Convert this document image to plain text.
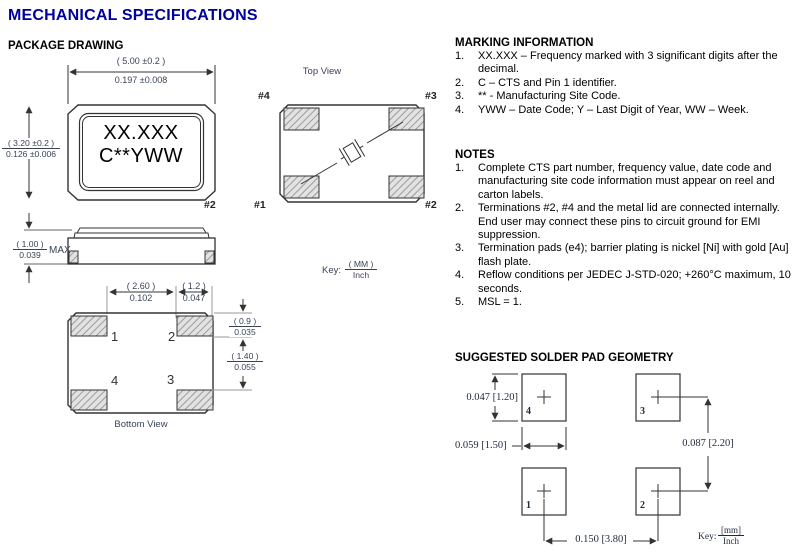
MECHANICAL SPECIFICATIONS
PACKAGE DRAWING
( 5.00 ±0.2 )
0.197 ±0.008
$\frac{( 3.20 \pm 0.2 )}{0.126 \pm 0.006}$
XX.XXX
C**YWW
#2
Top View
#4	#3
#1	#2
$\frac{( 1.00 )}{0.039}$ MAX
( 2.60 )
0.102
( 1.2 )
0.047
$\frac{( 0.9 )}{0.035}$
$\frac{( 1.40 )}{0.055}$
1	2
4	3
Bottom View
Key:
( MM )
Inch
MARKING INFORMATION
1.	XX.XXX – Frequency marked with 3 significant digits after the decimal.
2.	C – CTS and Pin 1 identifier.
3.	** - Manufacturing Site Code.
4.	YWW – Date Code; Y – Last Digit of Year, WW – Week.
NOTES
1.	Complete CTS part number, frequency value, date code and manufacturing site code information must appear on reel and carton labels.
2.	Terminations #2, #4 and the metal lid are connected internally.  End user may connect these pins to circuit ground for EMI suppression.
3.	Termination pads (e4); barrier plating is nickel [Ni] with gold [Au] flash plate.
4.	Reflow conditions per JEDEC J-STD-020; +260°C maximum, 10 seconds.
5.	MSL = 1.
SUGGESTED SOLDER PAD GEOMETRY
0.047 [1.20]
0.059 [1.50]	0.087 [2.20]
0.150 [3.80]
4	3
1	2
Key:
[mm]
Inch
